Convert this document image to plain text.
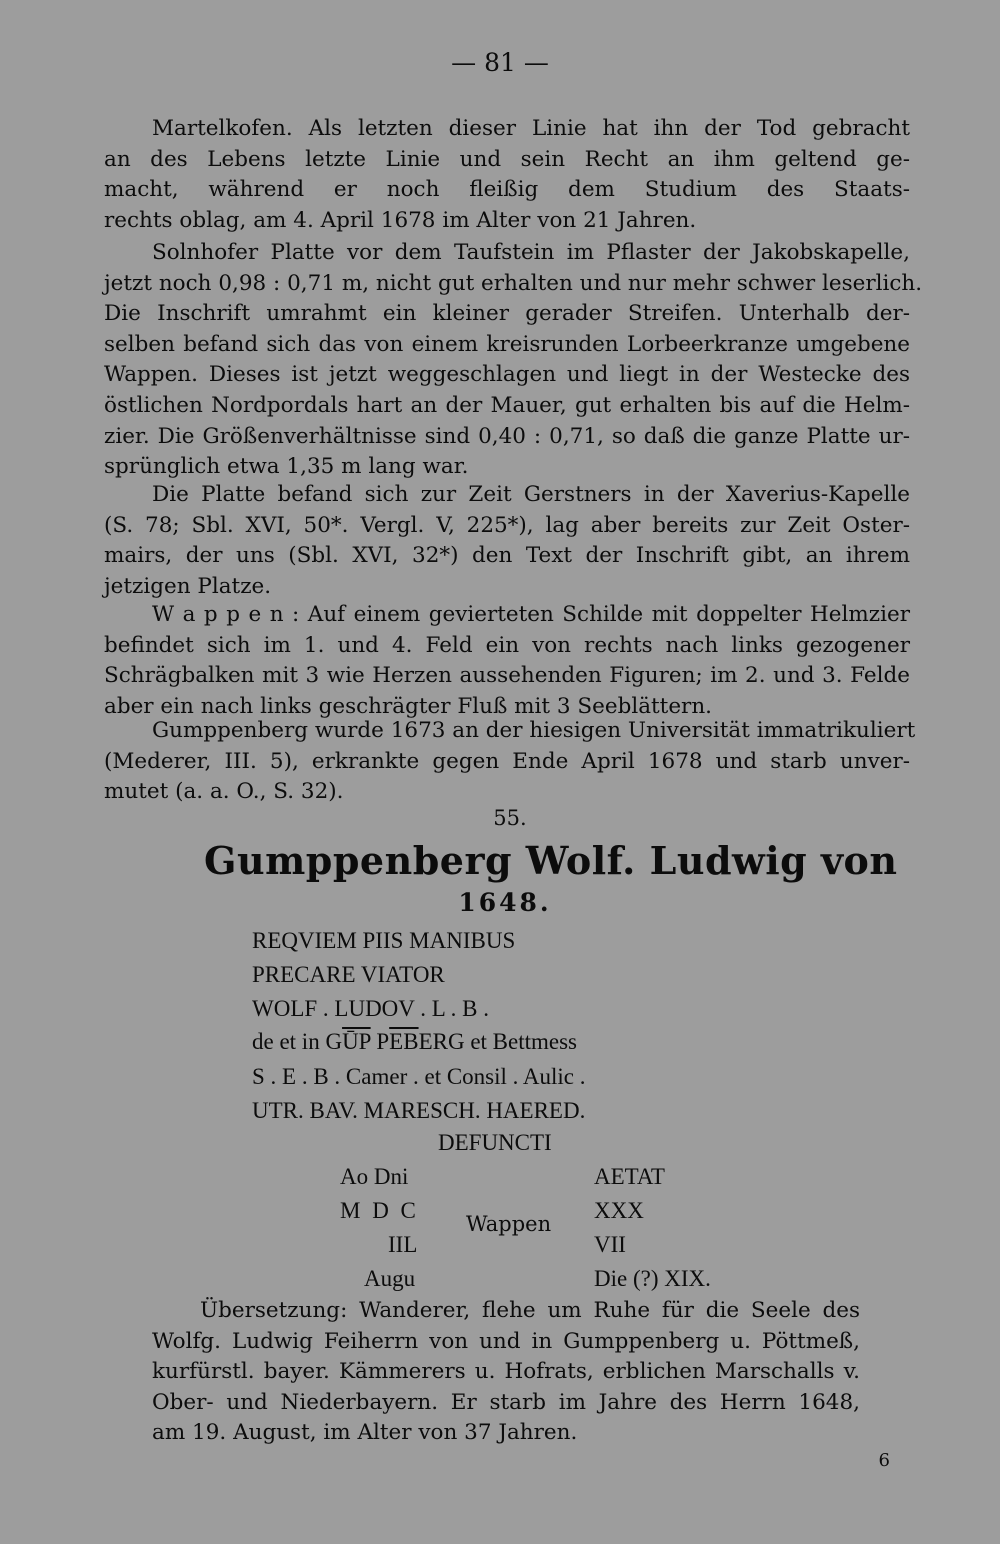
— 81 —
Martelkofen. Als letzten dieser Linie hat ihn der Tod gebracht
an des Lebens letzte Linie und sein Recht an ihm geltend ge-
macht, während er noch fleißig dem Studium des Staats-
rechts oblag, am 4. April 1678 im Alter von 21 Jahren.
Solnhofer Platte vor dem Taufstein im Pflaster der Jakobskapelle,
jetzt noch 0,98 : 0,71 m, nicht gut erhalten und nur mehr schwer leserlich.
Die Inschrift umrahmt ein kleiner gerader Streifen. Unterhalb der-
selben befand sich das von einem kreisrunden Lorbeerkranze umgebene
Wappen. Dieses ist jetzt weggeschlagen und liegt in der Westecke des
östlichen Nordpordals hart an der Mauer, gut erhalten bis auf die Helm-
zier. Die Größenverhältnisse sind 0,40 : 0,71, so daß die ganze Platte ur-
sprünglich etwa 1,35 m lang war.
Die Platte befand sich zur Zeit Gerstners in der Xaverius-Kapelle
(S. 78; Sbl. XVI, 50*. Vergl. V, 225*), lag aber bereits zur Zeit Oster-
mairs, der uns (Sbl. XVI, 32*) den Text der Inschrift gibt, an ihrem
jetzigen Platze.
W a p p e n : Auf einem gevierteten Schilde mit doppelter Helmzier
befindet sich im 1. und 4. Feld ein von rechts nach links gezogener
Schrägbalken mit 3 wie Herzen aussehenden Figuren; im 2. und 3. Felde
aber ein nach links geschrägter Fluß mit 3 Seeblättern.
Gumppenberg wurde 1673 an der hiesigen Universität immatrikuliert
(Mederer, III. 5), erkrankte gegen Ende April 1678 und starb unver-
mutet (a. a. O., S. 32).
55.
Gumppenberg Wolf. Ludwig von
1648.
REQVIEM PIIS MANIBUS
PRECARE VIATOR
WOLF . LUDOV . L . B .
de et in $G\overline{ŪP}$ $P\overline{EB}ERG$ et Bettmess
S . E . B . Camer . et Consil . Aulic .
UTR. BAV. MARESCH. HAERED.
DEFUNCTI
Ao Dni
M D C
IIL
Augu
Wappen
AETAT
XXX
VII
Die (?) XIX.
Übersetzung: Wanderer, flehe um Ruhe für die Seele des
Wolfg. Ludwig Feiherrn von und in Gumppenberg u. Pöttmeß,
kurfürstl. bayer. Kämmerers u. Hofrats, erblichen Marschalls v.
Ober- und Niederbayern. Er starb im Jahre des Herrn 1648,
am 19. August, im Alter von 37 Jahren.
6
